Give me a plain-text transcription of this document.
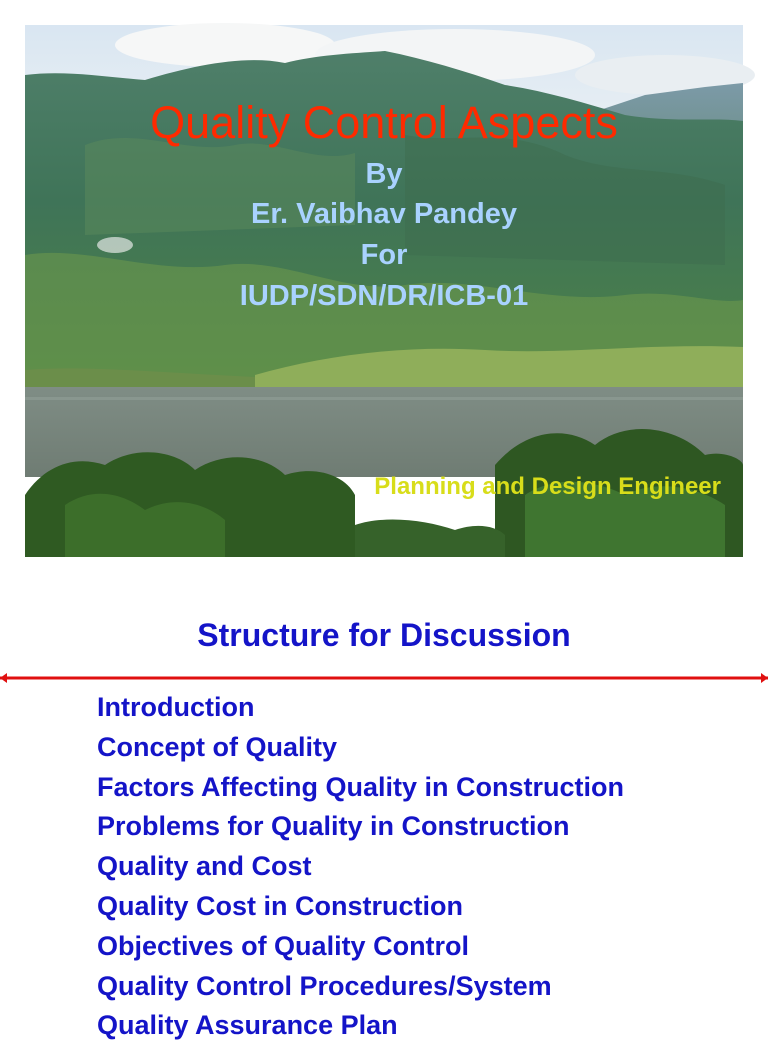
Quality Control Aspects
By
Er. Vaibhav Pandey
For
IUDP/SDN/DR/ICB-01
Planning and Design Engineer
Structure for Discussion
Introduction
Concept of Quality
Factors Affecting Quality in Construction
Problems for Quality in Construction
Quality and Cost
Quality Cost in Construction
Objectives of Quality Control
Quality Control Procedures/System
Quality Assurance Plan
